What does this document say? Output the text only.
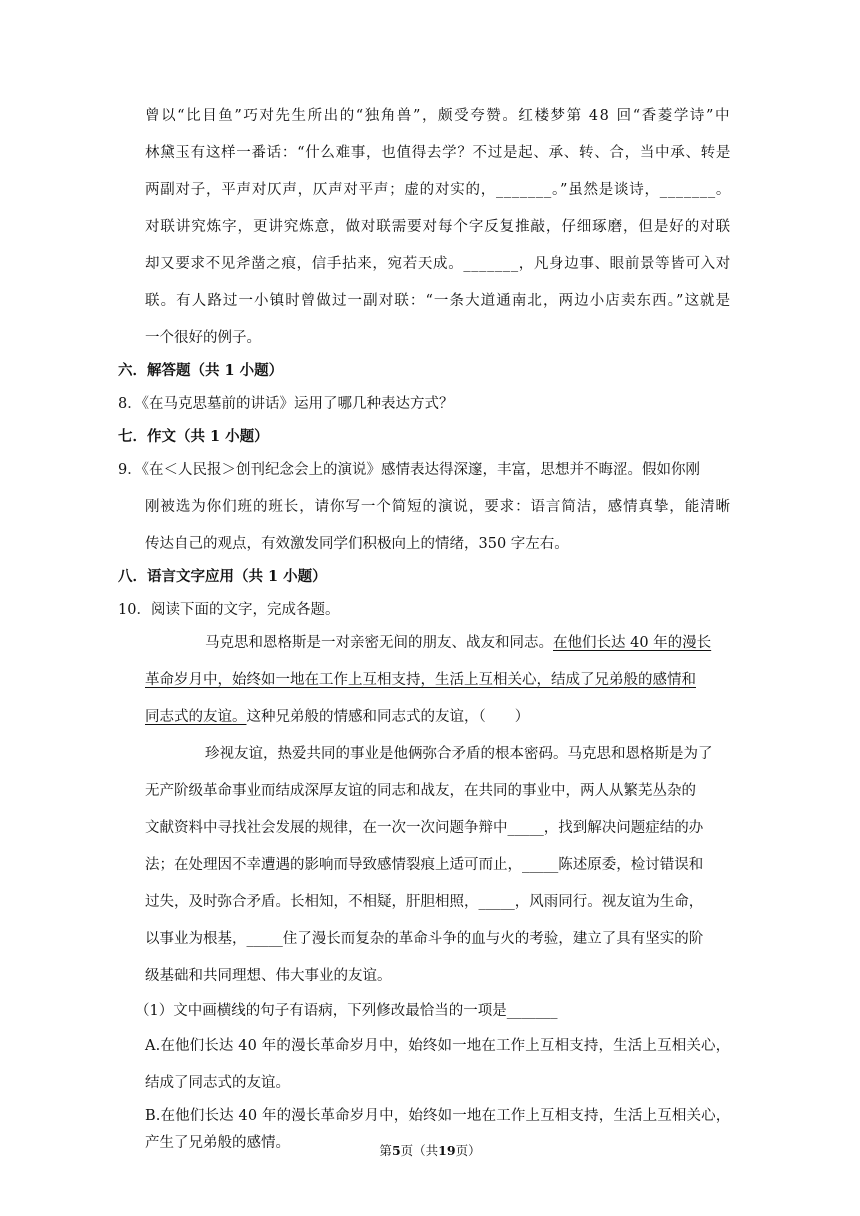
曾以“比目鱼”巧对先生所出的“独角兽”，颇受夸赞。红楼梦第 48 回“香菱学诗”中
林黛玉有这样一番话：“什么难事，也值得去学？不过是起、承、转、合，当中承、转是
两副对子，平声对仄声，仄声对平声；虚的对实的，_______。”虽然是谈诗，_______。
对联讲究炼字，更讲究炼意，做对联需要对每个字反复推敲，仔细琢磨，但是好的对联
却又要求不见斧凿之痕，信手拈来，宛若天成。_______，凡身边事、眼前景等皆可入对
联。有人路过一小镇时曾做过一副对联：“一条大道通南北，两边小店卖东西。”这就是
一个很好的例子。
六．解答题（共 1 小题）
8．《在马克思墓前的讲话》运用了哪几种表达方式？
七．作文（共 1 小题）
9．《在＜人民报＞创刊纪念会上的演说》感情表达得深邃，丰富，思想并不晦涩。假如你刚
刚被选为你们班的班长，请你写一个简短的演说，要求：语言简洁，感情真挚，能清晰
传达自己的观点，有效激发同学们积极向上的情绪，350 字左右。
八．语言文字应用（共 1 小题）
10．阅读下面的文字，完成各题。
马克思和恩格斯是一对亲密无间的朋友、战友和同志。在他们长达 40 年的漫长
革命岁月中，始终如一地在工作上互相支持，生活上互相关心，结成了兄弟般的感情和
同志式的友谊。这种兄弟般的情感和同志式的友谊，（　　）
珍视友谊，热爱共同的事业是他俩弥合矛盾的根本密码。马克思和恩格斯是为了
无产阶级革命事业而结成深厚友谊的同志和战友，在共同的事业中，两人从繁芜丛杂的
文献资料中寻找社会发展的规律，在一次一次问题争辩中_____，找到解决问题症结的办
法；在处理因不幸遭遇的影响而导致感情裂痕上适可而止，_____陈述原委，检讨错误和
过失，及时弥合矛盾。长相知，不相疑，肝胆相照，_____，风雨同行。视友谊为生命，
以事业为根基，_____住了漫长而复杂的革命斗争的血与火的考验，建立了具有坚实的阶
级基础和共同理想、伟大事业的友谊。
（1）文中画横线的句子有语病，下列修改最恰当的一项是_______
A.在他们长达 40 年的漫长革命岁月中，始终如一地在工作上互相支持，生活上互相关心，
结成了同志式的友谊。
B.在他们长达 40 年的漫长革命岁月中，始终如一地在工作上互相支持，生活上互相关心，
产生了兄弟般的感情。	第5页（共19页）
